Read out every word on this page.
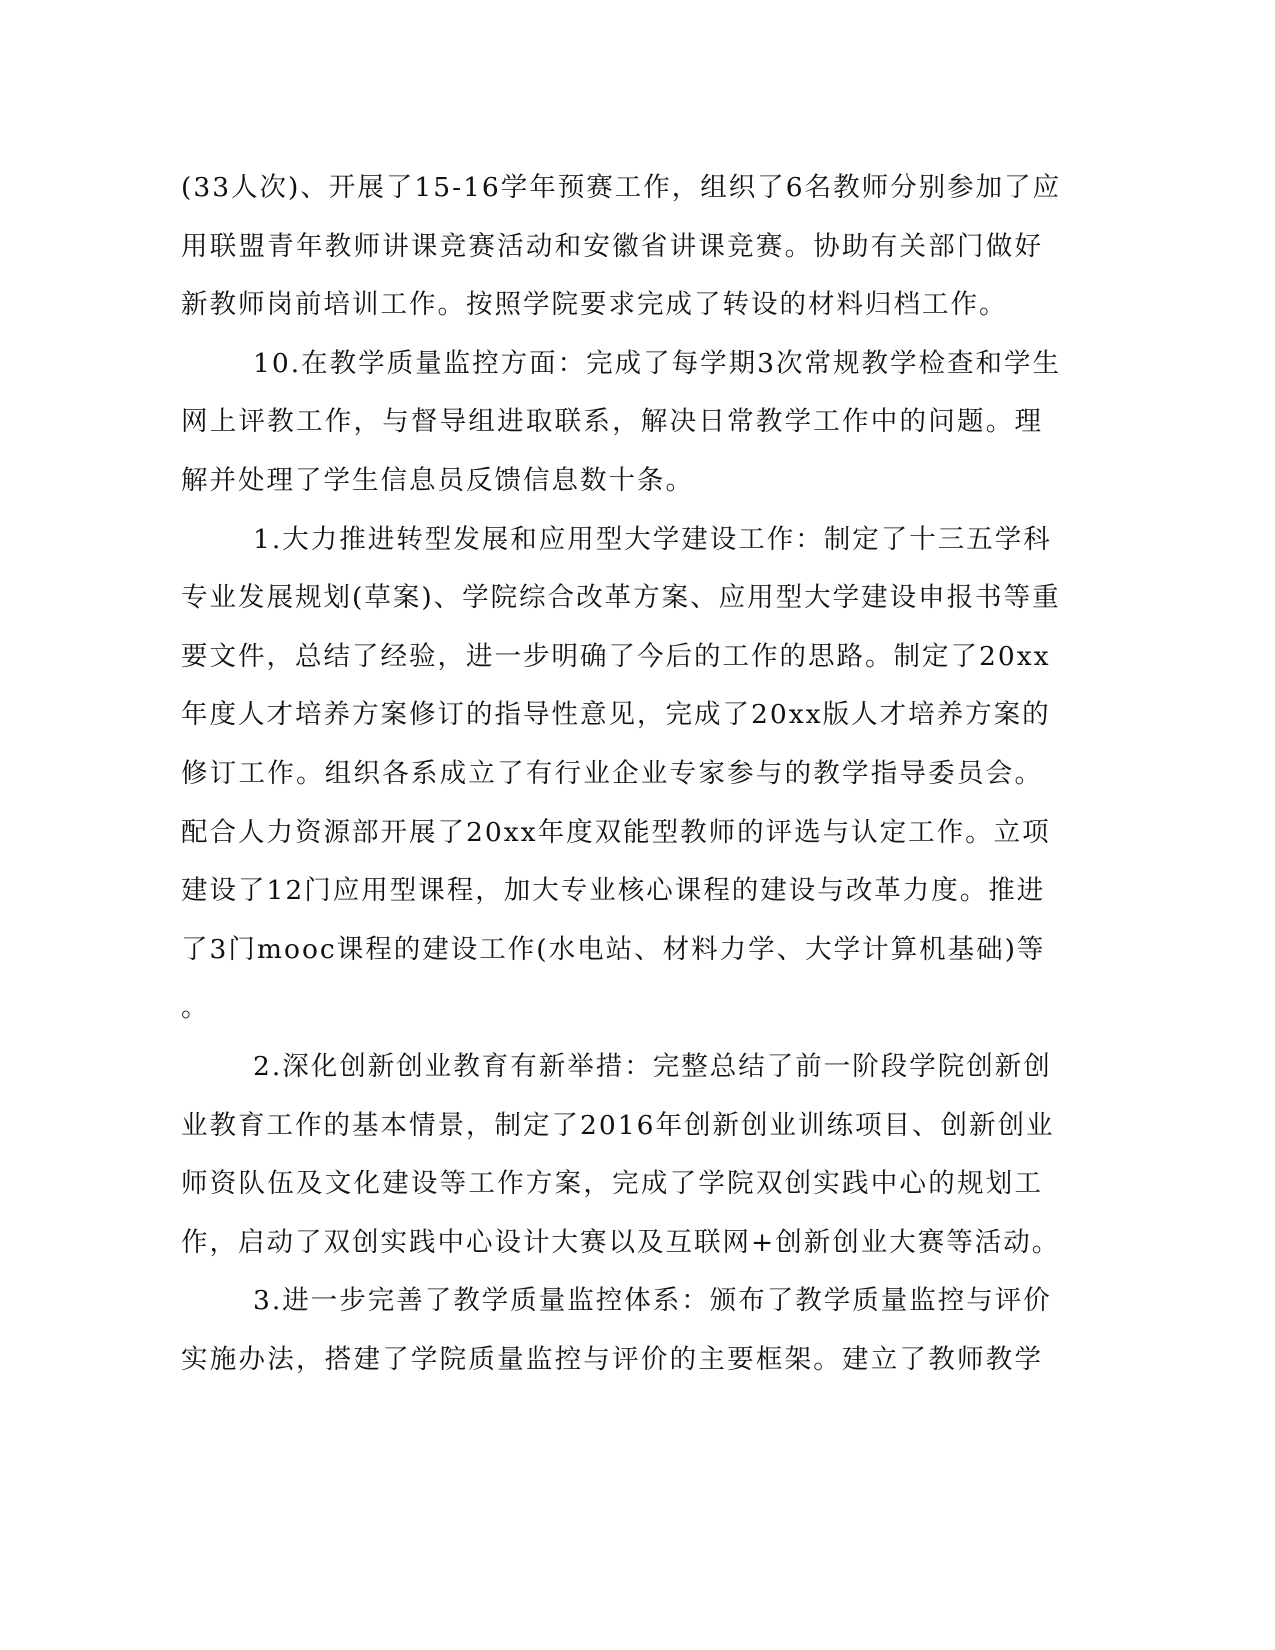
(33人次)、开展了15-16学年预赛工作，组织了6名教师分别参加了应
用联盟青年教师讲课竞赛活动和安徽省讲课竞赛。协助有关部门做好
新教师岗前培训工作。按照学院要求完成了转设的材料归档工作。
10.在教学质量监控方面：完成了每学期3次常规教学检查和学生
网上评教工作，与督导组进取联系，解决日常教学工作中的问题。理
解并处理了学生信息员反馈信息数十条。
1.大力推进转型发展和应用型大学建设工作：制定了十三五学科
专业发展规划(草案)、学院综合改革方案、应用型大学建设申报书等重
要文件，总结了经验，进一步明确了今后的工作的思路。制定了20xx
年度人才培养方案修订的指导性意见，完成了20xx版人才培养方案的
修订工作。组织各系成立了有行业企业专家参与的教学指导委员会。
配合人力资源部开展了20xx年度双能型教师的评选与认定工作。立项
建设了12门应用型课程，加大专业核心课程的建设与改革力度。推进
了3门mooc课程的建设工作(水电站、材料力学、大学计算机基础)等
。
2.深化创新创业教育有新举措：完整总结了前一阶段学院创新创
业教育工作的基本情景，制定了2016年创新创业训练项目、创新创业
师资队伍及文化建设等工作方案，完成了学院双创实践中心的规划工
作，启动了双创实践中心设计大赛以及互联网+创新创业大赛等活动。
3.进一步完善了教学质量监控体系：颁布了教学质量监控与评价
实施办法，搭建了学院质量监控与评价的主要框架。建立了教师教学
